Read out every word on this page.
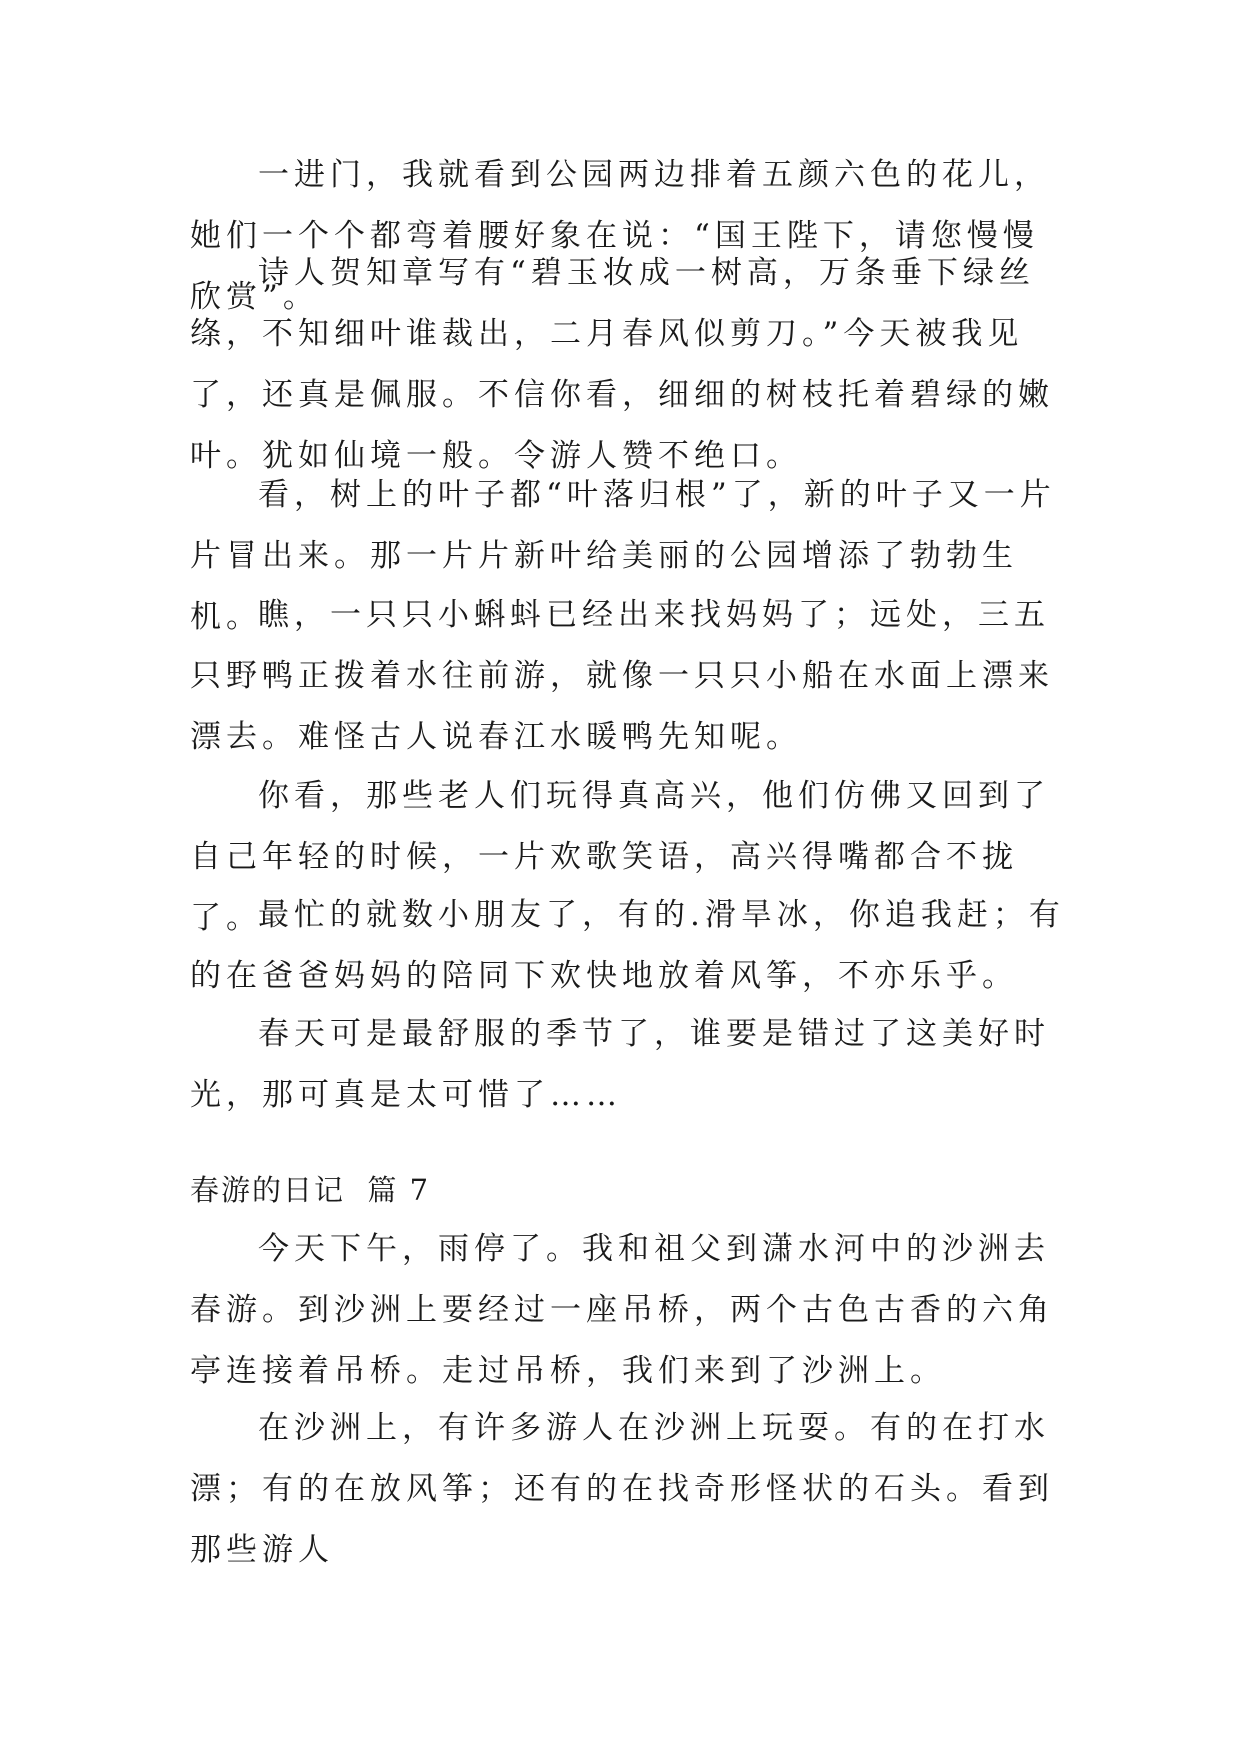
一进门，我就看到公园两边排着五颜六色的花儿，她们一个个都弯着腰好象在说：“国王陛下，请您慢慢欣赏”。

诗人贺知章写有“碧玉妆成一树高，万条垂下绿丝绦，不知细叶谁裁出，二月春风似剪刀。”今天被我见了，还真是佩服。不信你看，细细的树枝托着碧绿的嫩叶。犹如仙境一般。令游人赞不绝口。

看，树上的叶子都“叶落归根”了，新的叶子又一片片冒出来。那一片片新叶给美丽的公园增添了勃勃生机。

瞧，一只只小蝌蚪已经出来找妈妈了；远处，三五只野鸭正拨着水往前游，就像一只只小船在水面上漂来漂去。难怪古人说春江水暖鸭先知呢。

你看，那些老人们玩得真高兴，他们仿佛又回到了自己年轻的时候，一片欢歌笑语，高兴得嘴都合不拢了。

最忙的就数小朋友了，有的.滑旱冰，你追我赶；有的在爸爸妈妈的陪同下欢快地放着风筝，不亦乐乎。

春天可是最舒服的季节了，谁要是错过了这美好时光，那可真是太可惜了……

春游的日记  篇 7

今天下午，雨停了。我和祖父到潇水河中的沙洲去春游。到沙洲上要经过一座吊桥，两个古色古香的六角亭连接着吊桥。走过吊桥，我们来到了沙洲上。

在沙洲上，有许多游人在沙洲上玩耍。有的在打水漂；有的在放风筝；还有的在找奇形怪状的石头。看到那些游人
